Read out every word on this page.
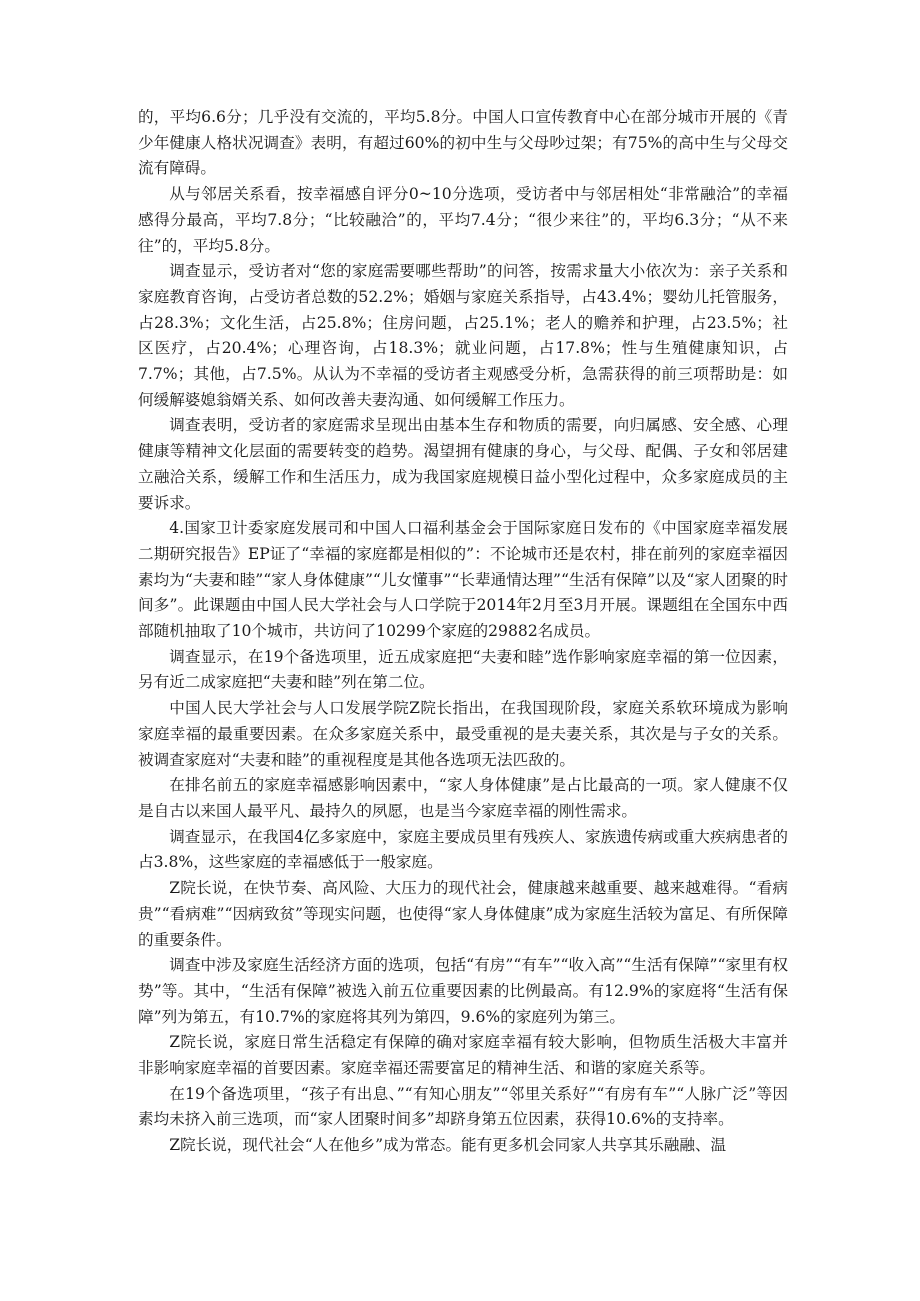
的，平均6.6分；几乎没有交流的，平均5.8分。中国人口宣传教育中心在部分城市开展的《青少年健康人格状况调查》表明，有超过60%的初中生与父母吵过架；有75%的高中生与父母交流有障碍。

从与邻居关系看，按幸福感自评分0~10分选项，受访者中与邻居相处“非常融洽”的幸福感得分最高，平均7.8分；“比较融洽”的，平均7.4分；“很少来往”的，平均6.3分；“从不来往”的，平均5.8分。

调查显示，受访者对“您的家庭需要哪些帮助”的问答，按需求量大小依次为：亲子关系和家庭教育咨询，占受访者总数的52.2%；婚姻与家庭关系指导，占43.4%；婴幼儿托管服务，占28.3%；文化生活，占25.8%；住房问题，占25.1%；老人的赡养和护理，占23.5%；社区医疗，占20.4%；心理咨询，占18.3%；就业问题，占17.8%；性与生殖健康知识，占7.7%；其他，占7.5%。从认为不幸福的受访者主观感受分析，急需获得的前三项帮助是：如何缓解婆媳翁婿关系、如何改善夫妻沟通、如何缓解工作压力。

调查表明，受访者的家庭需求呈现出由基本生存和物质的需要，向归属感、安全感、心理健康等精神文化层面的需要转变的趋势。渴望拥有健康的身心，与父母、配偶、子女和邻居建立融洽关系，缓解工作和生活压力，成为我国家庭规模日益小型化过程中，众多家庭成员的主要诉求。

4.国家卫计委家庭发展司和中国人口福利基金会于国际家庭日发布的《中国家庭幸福发展二期研究报告》EP证了“幸福的家庭都是相似的”：不论城市还是农村，排在前列的家庭幸福因素均为“夫妻和睦”“家人身体健康”“儿女懂事”“长辈通情达理”“生活有保障”以及“家人团聚的时间多”。此课题由中国人民大学社会与人口学院于2014年2月至3月开展。课题组在全国东中西部随机抽取了10个城市，共访问了10299个家庭的29882名成员。

调查显示，在19个备选项里，近五成家庭把“夫妻和睦”选作影响家庭幸福的第一位因素，另有近二成家庭把“夫妻和睦”列在第二位。

中国人民大学社会与人口发展学院Z院长指出，在我国现阶段，家庭关系软环境成为影响家庭幸福的最重要因素。在众多家庭关系中，最受重视的是夫妻关系，其次是与子女的关系。被调查家庭对“夫妻和睦”的重视程度是其他各选项无法匹敌的。

在排名前五的家庭幸福感影响因素中，“家人身体健康”是占比最高的一项。家人健康不仅是自古以来国人最平凡、最持久的夙愿，也是当今家庭幸福的刚性需求。

调查显示，在我国4亿多家庭中，家庭主要成员里有残疾人、家族遗传病或重大疾病患者的占3.8%，这些家庭的幸福感低于一般家庭。

Z院长说，在快节奏、高风险、大压力的现代社会，健康越来越重要、越来越难得。“看病贵”“看病难”“因病致贫”等现实问题，也使得“家人身体健康”成为家庭生活较为富足、有所保障的重要条件。

调查中涉及家庭生活经济方面的选项，包括“有房”“有车”“收入高”“生活有保障”“家里有权势”等。其中，“生活有保障”被选入前五位重要因素的比例最高。有12.9%的家庭将“生活有保障”列为第五，有10.7%的家庭将其列为第四，9.6%的家庭列为第三。

Z院长说，家庭日常生活稳定有保障的确对家庭幸福有较大影响，但物质生活极大丰富并非影响家庭幸福的首要因素。家庭幸福还需要富足的精神生活、和谐的家庭关系等。

在19个备选项里，“孩子有出息、”“有知心朋友”“邻里关系好”“有房有车”“人脉广泛”等因素均未挤入前三选项，而“家人团聚时间多”却跻身第五位因素，获得10.6%的支持率。

Z院长说，现代社会“人在他乡”成为常态。能有更多机会同家人共享其乐融融、温
